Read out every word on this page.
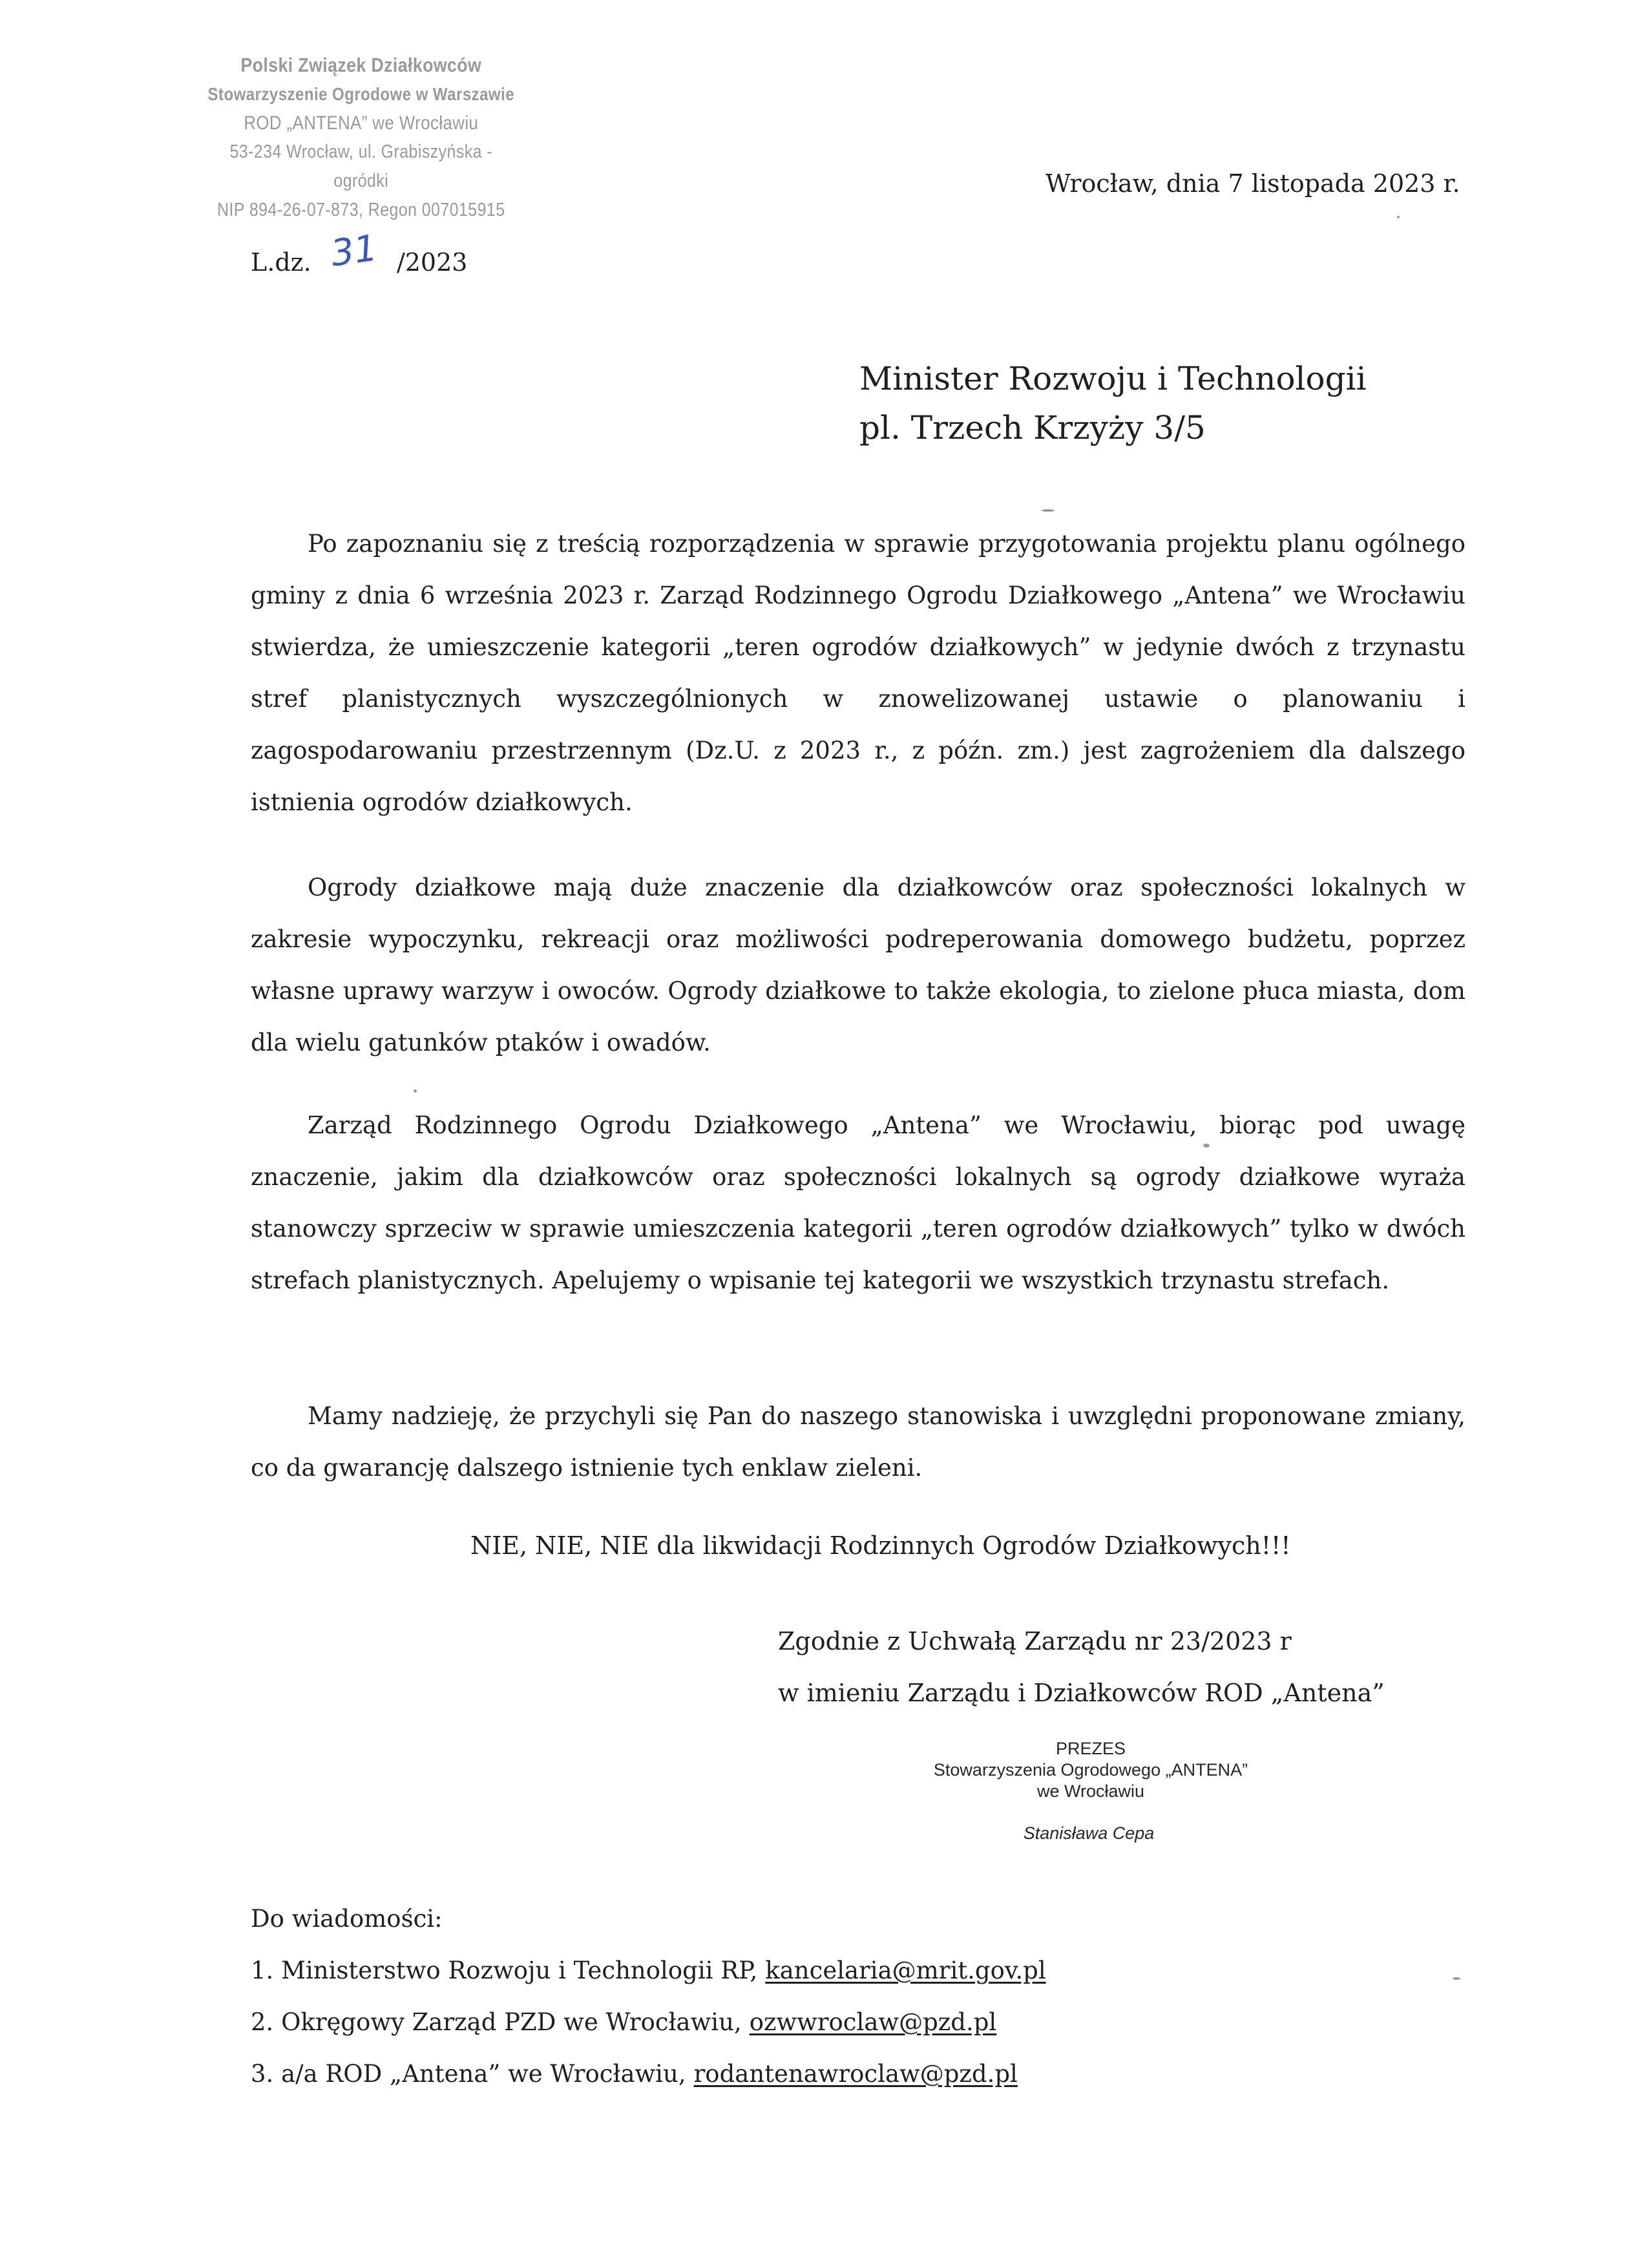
Polski Związek Działkowców
Stowarzyszenie Ogrodowe w Warszawie
ROD „ANTENA” we Wrocławiu
53-234 Wrocław, ul. Grabiszyńska - ogródki
NIP 894-26-07-873, Regon 007015915
Wrocław, dnia 7 listopada 2023 r.
L.dz. 31 /2023
Minister Rozwoju i Technologii
pl. Trzech Krzyży 3/5
Po zapoznaniu się z treścią rozporządzenia w sprawie przygotowania projektu planu ogólnego gminy z dnia 6 września 2023 r. Zarząd Rodzinnego Ogrodu Działkowego „Antena” we Wrocławiu stwierdza, że umieszczenie kategorii „teren ogrodów działkowych” w jedynie dwóch z trzynastu stref planistycznych wyszczególnionych w znowelizowanej ustawie o planowaniu i zagospodarowaniu przestrzennym (Dz.U. z 2023 r., z późn. zm.) jest zagrożeniem dla dalszego istnienia ogrodów działkowych.
Ogrody działkowe mają duże znaczenie dla działkowców oraz społeczności lokalnych w zakresie wypoczynku, rekreacji oraz możliwości podreperowania domowego budżetu, poprzez własne uprawy warzyw i owoców. Ogrody działkowe to także ekologia, to zielone płuca miasta, dom dla wielu gatunków ptaków i owadów.
Zarząd Rodzinnego Ogrodu Działkowego „Antena” we Wrocławiu, biorąc pod uwagę znaczenie, jakim dla działkowców oraz społeczności lokalnych są ogrody działkowe wyraża stanowczy sprzeciw w sprawie umieszczenia kategorii „teren ogrodów działkowych” tylko w dwóch strefach planistycznych. Apelujemy o wpisanie tej kategorii we wszystkich trzynastu strefach.
Mamy nadzieję, że przychyli się Pan do naszego stanowiska i uwzględni proponowane zmiany, co da gwarancję dalszego istnienie tych enklaw zieleni.
NIE, NIE, NIE dla likwidacji Rodzinnych Ogrodów Działkowych!!!
Zgodnie z Uchwałą Zarządu nr 23/2023 r
w imieniu Zarządu i Działkowców ROD „Antena”
PREZES
Stowarzyszenia Ogrodowego „ANTENA”
we Wrocławiu
Stanisława Cepa
Do wiadomości:
1. Ministerstwo Rozwoju i Technologii RP, kancelaria@mrit.gov.pl
2. Okręgowy Zarząd PZD we Wrocławiu, ozwwroclaw@pzd.pl
3. a/a ROD „Antena” we Wrocławiu, rodantenawroclaw@pzd.pl
